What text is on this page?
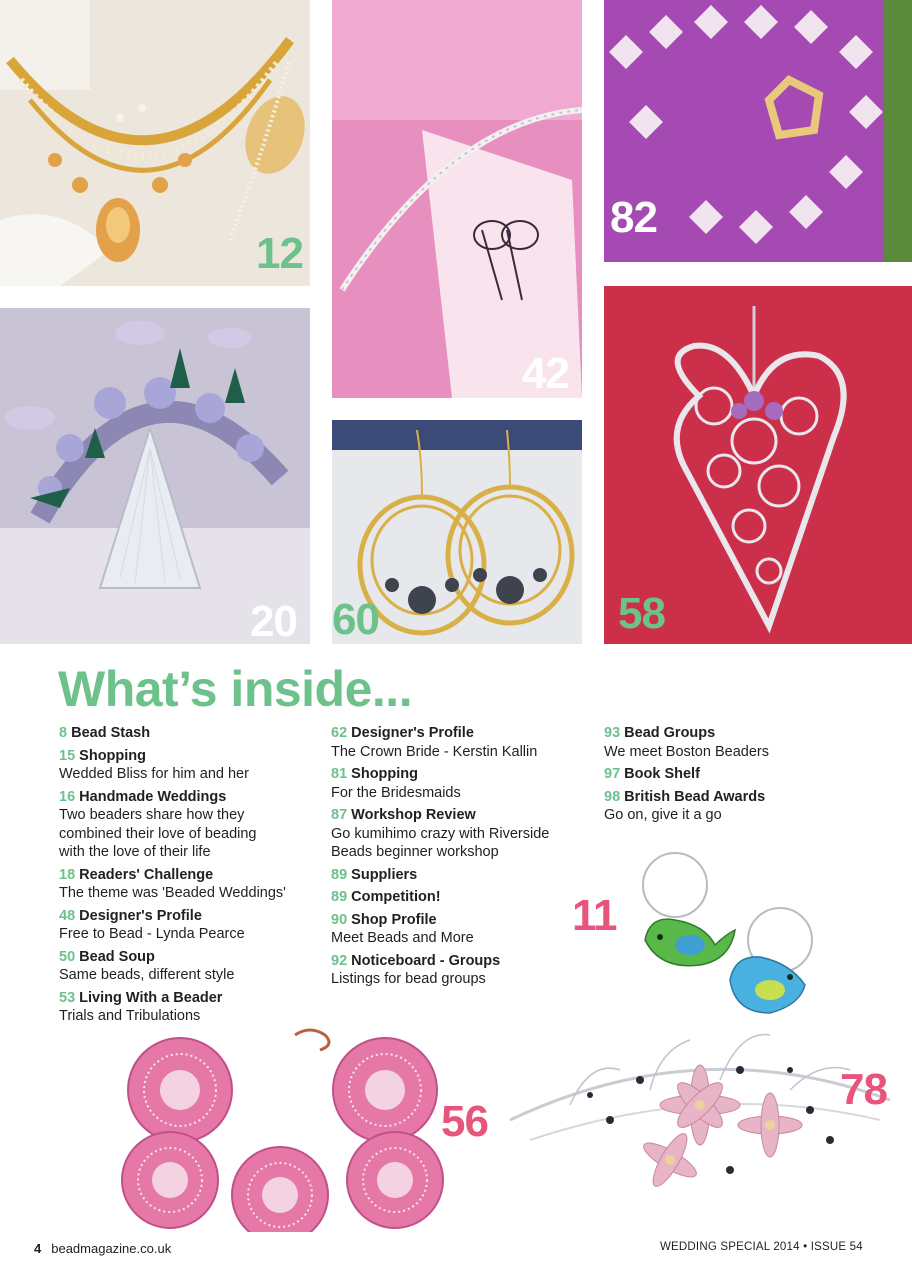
12
42
82
20 60	58
What’s inside...
8 Bead Stash
15 Shopping
Wedded Bliss for him and her
16 Handmade Weddings
Two beaders share how they
combined their love of beading
with the love of their life
18 Readers' Challenge
The theme was 'Beaded Weddings'
48 Designer's Profile
Free to Bead - Lynda Pearce
50 Bead Soup
Same beads, different style
53 Living With a Beader
Trials and Tribulations
62 Designer's Profile
The Crown Bride - Kerstin Kallin
81 Shopping
For the Bridesmaids
87 Workshop Review
Go kumihimo crazy with Riverside
Beads beginner workshop
89 Suppliers
89 Competition!
90 Shop Profile
Meet Beads and More
92 Noticeboard - Groups
Listings for bead groups
93 Bead Groups
We meet Boston Beaders
97 Book Shelf
98 British Bead Awards
Go on, give it a go
11
56
78
4 beadmagazine.co.uk	WEDDING SPECIAL 2014 • ISSUE 54
